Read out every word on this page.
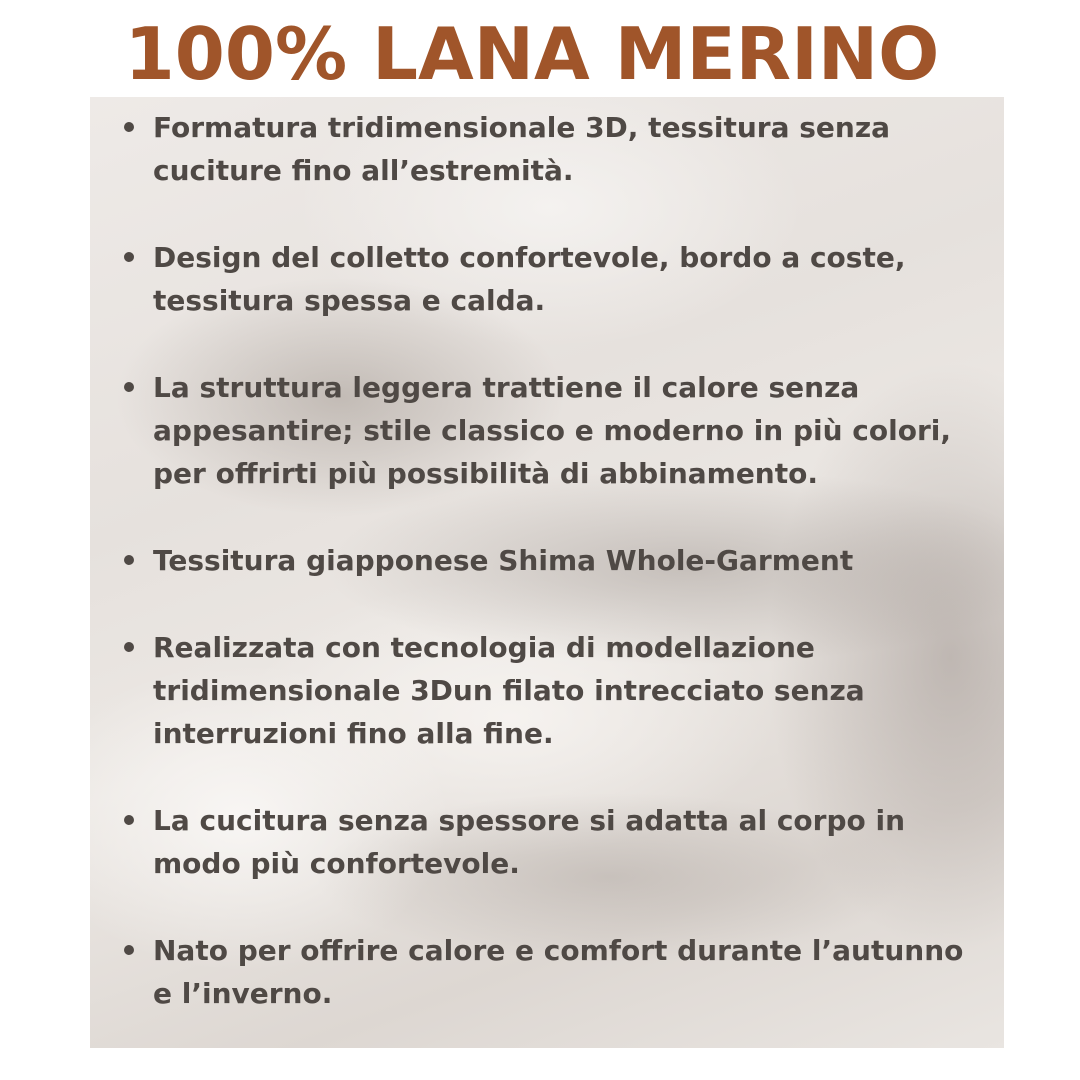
100% LANA MERINO
Formatura tridimensionale 3D, tessitura senza
cuciture fino all’estremità.
Design del colletto confortevole, bordo a coste,
tessitura spessa e calda.
La struttura leggera trattiene il calore senza
appesantire; stile classico e moderno in più colori,
per offrirti più possibilità di abbinamento.
Tessitura giapponese Shima Whole-Garment
Realizzata con tecnologia di modellazione
tridimensionale 3Dun filato intrecciato senza
interruzioni fino alla fine.
La cucitura senza spessore si adatta al corpo in
modo più confortevole.
Nato per offrire calore e comfort durante l’autunno
e l’inverno.
